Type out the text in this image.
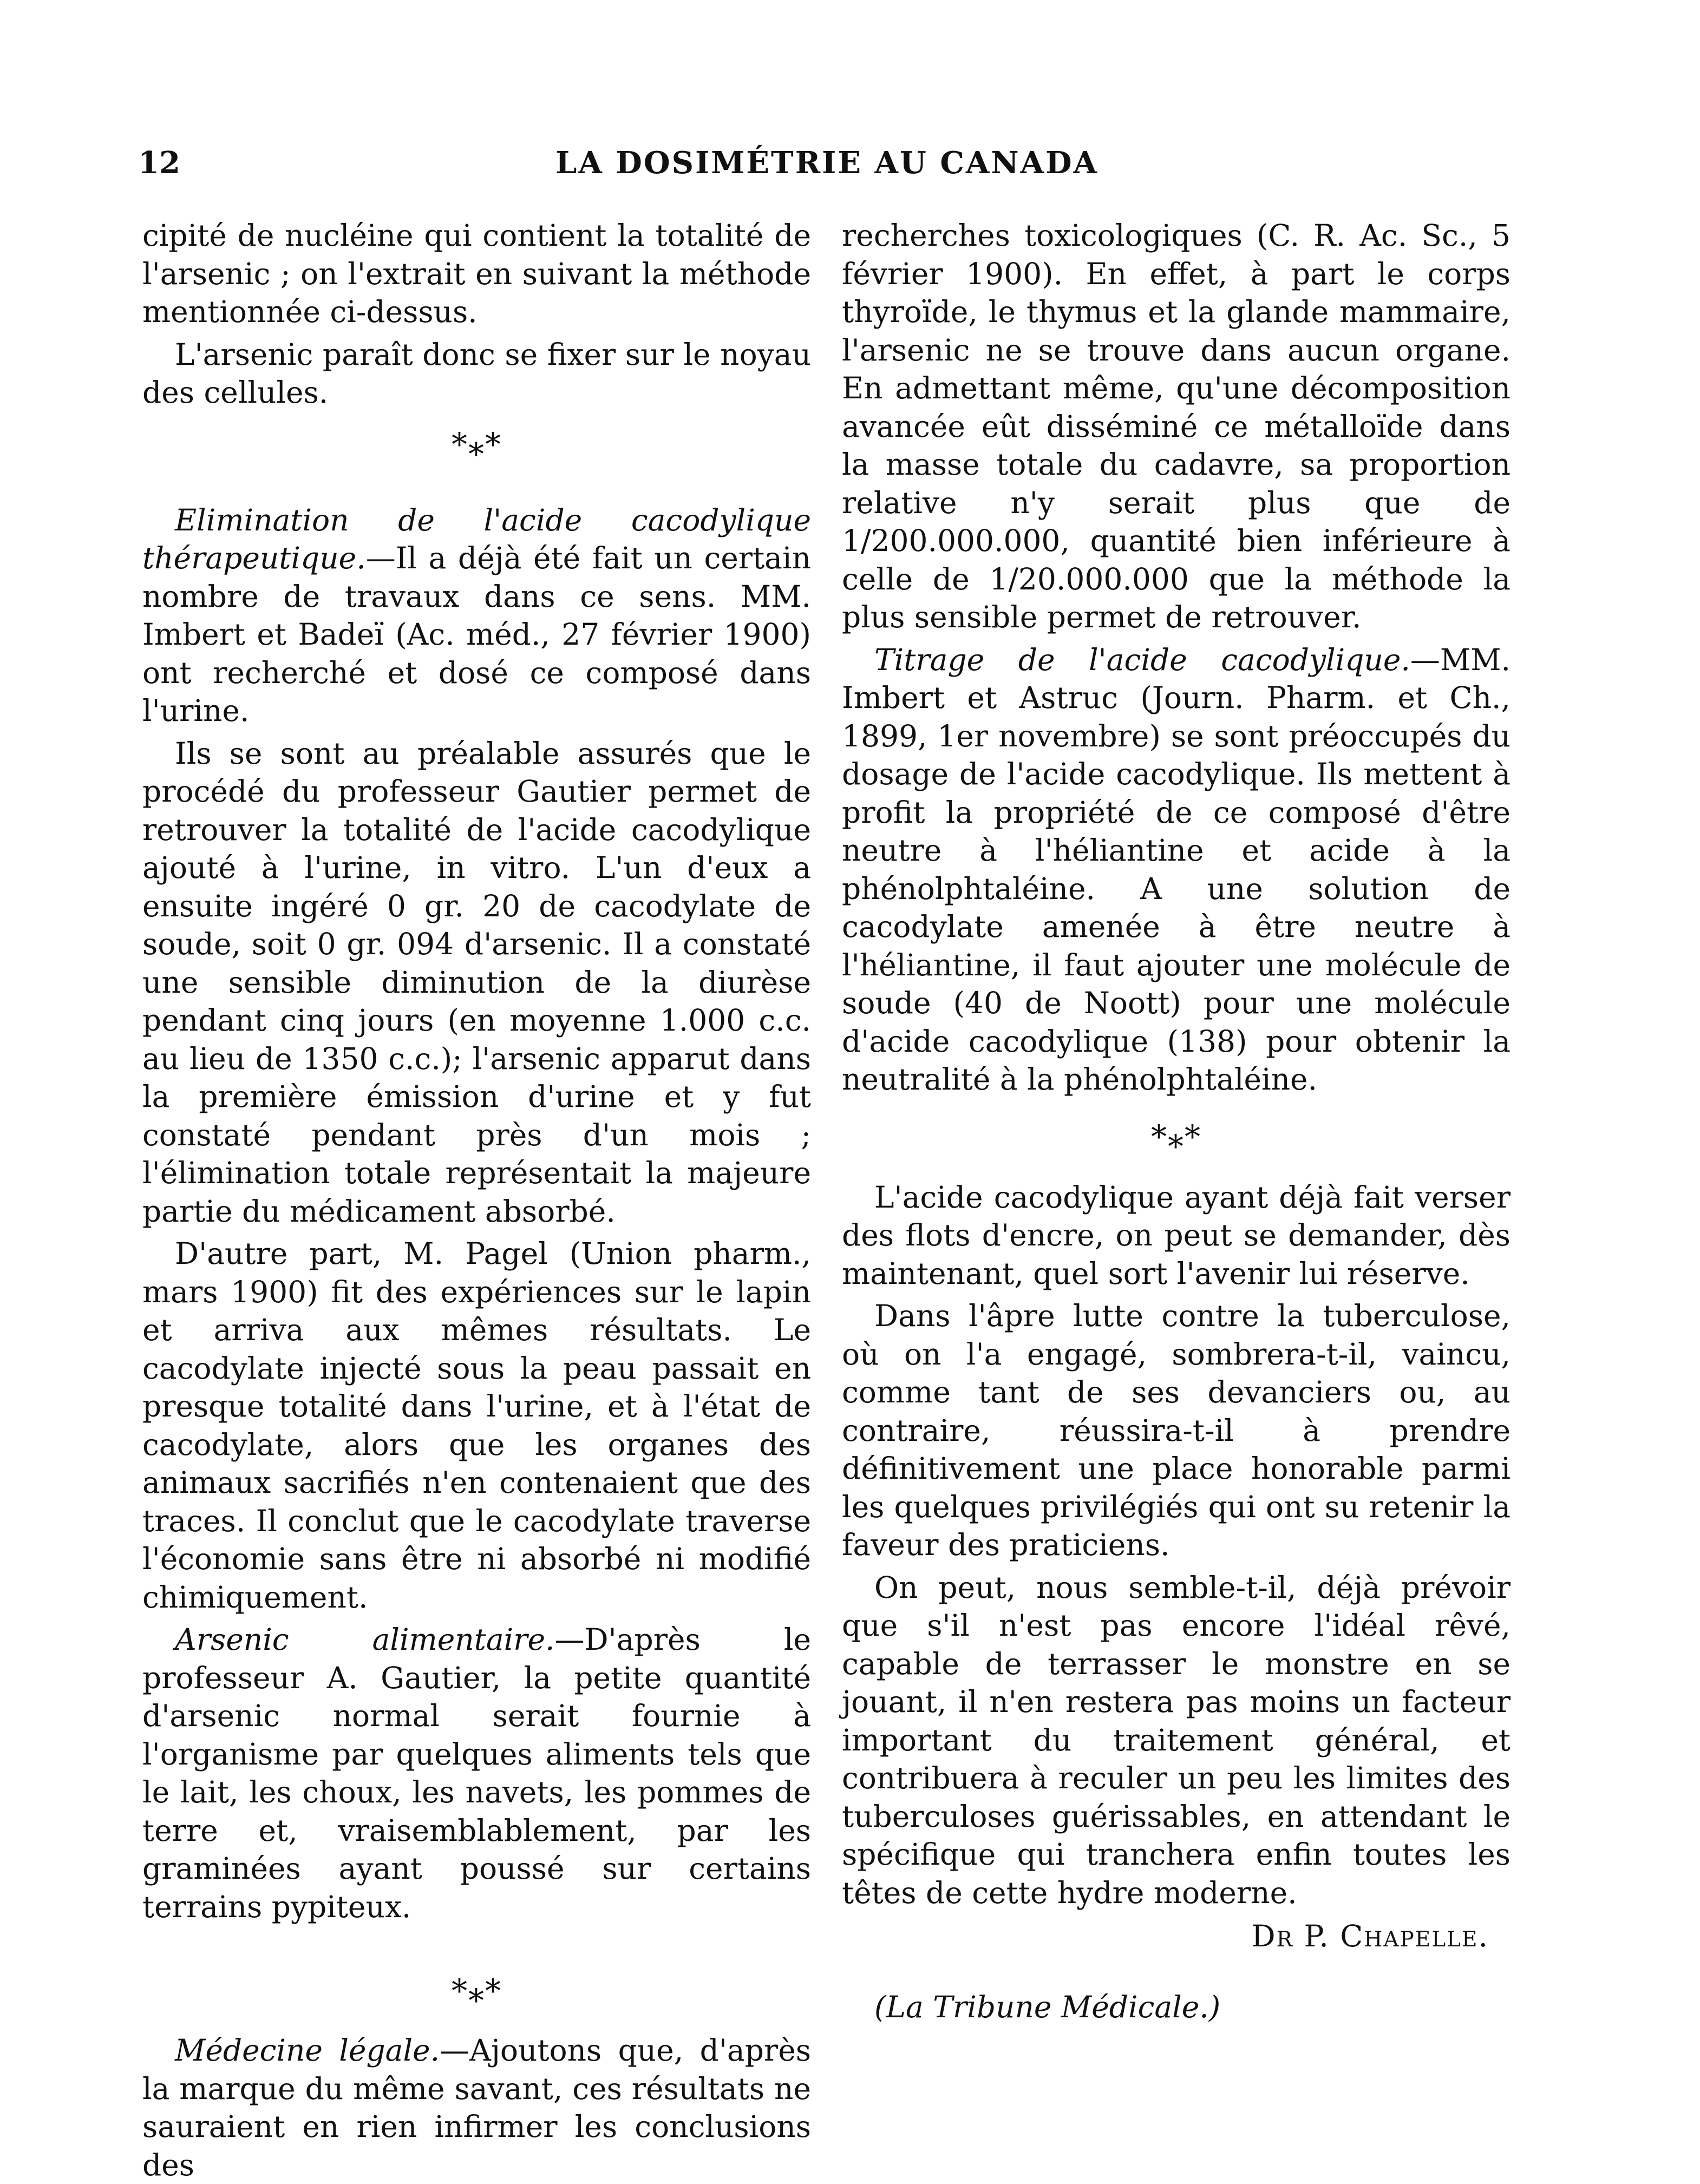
12	LA DOSIMÉTRIE AU CANADA

cipité de nucléine qui contient la totalité de l'arsenic ; on l'extrait en suivant la méthode mentionnée ci-dessus.

L'arsenic paraît donc se fixer sur le noyau des cellules.

*⁎*

Elimination de l'acide cacodylique thérapeutique.—Il a déjà été fait un certain nombre de travaux dans ce sens. MM. Imbert et Badeï (Ac. méd., 27 février 1900) ont recherché et dosé ce composé dans l'urine.

Ils se sont au préalable assurés que le procédé du professeur Gautier permet de retrouver la totalité de l'acide cacodylique ajouté à l'urine, in vitro. L'un d'eux a ensuite ingéré 0 gr. 20 de cacodylate de soude, soit 0 gr. 094 d'arsenic. Il a constaté une sensible diminution de la diurèse pendant cinq jours (en moyenne 1.000 c.c. au lieu de 1350 c.c.); l'arsenic apparut dans la première émission d'urine et y fut constaté pendant près d'un mois ; l'élimination totale représentait la majeure partie du médicament absorbé.

D'autre part, M. Pagel (Union pharm., mars 1900) fit des expériences sur le lapin et arriva aux mêmes résultats. Le cacodylate injecté sous la peau passait en presque totalité dans l'urine, et à l'état de cacodylate, alors que les organes des animaux sacrifiés n'en contenaient que des traces. Il conclut que le cacodylate traverse l'économie sans être ni absorbé ni modifié chimiquement.

Arsenic alimentaire.—D'après le professeur A. Gautier, la petite quantité d'arsenic normal serait fournie à l'organisme par quelques aliments tels que le lait, les choux, les navets, les pommes de terre et, vraisemblablement, par les graminées ayant poussé sur certains terrains pypiteux.

*⁎*

Médecine légale.—Ajoutons que, d'après la marque du même savant, ces résultats ne sauraient en rien infirmer les conclusions des

recherches toxicologiques (C. R. Ac. Sc., 5 février 1900). En effet, à part le corps thyroïde, le thymus et la glande mammaire, l'arsenic ne se trouve dans aucun organe. En admettant même, qu'une décomposition avancée eût disséminé ce métalloïde dans la masse totale du cadavre, sa proportion relative n'y serait plus que de 1/200.000.000, quantité bien inférieure à celle de 1/20.000.000 que la méthode la plus sensible permet de retrouver.

Titrage de l'acide cacodylique.—MM. Imbert et Astruc (Journ. Pharm. et Ch., 1899, 1er novembre) se sont préoccupés du dosage de l'acide cacodylique. Ils mettent à profit la propriété de ce composé d'être neutre à l'héliantine et acide à la phénolphtaléine. A une solution de cacodylate amenée à être neutre à l'héliantine, il faut ajouter une molécule de soude (40 de Noott) pour une molécule d'acide cacodylique (138) pour obtenir la neutralité à la phénolphtaléine.

*⁎*

L'acide cacodylique ayant déjà fait verser des flots d'encre, on peut se demander, dès maintenant, quel sort l'avenir lui réserve.

Dans l'âpre lutte contre la tuberculose, où on l'a engagé, sombrera-t-il, vaincu, comme tant de ses devanciers ou, au contraire, réussira-t-il à prendre définitivement une place honorable parmi les quelques privilégiés qui ont su retenir la faveur des praticiens.

On peut, nous semble-t-il, déjà prévoir que s'il n'est pas encore l'idéal rêvé, capable de terrasser le monstre en se jouant, il n'en restera pas moins un facteur important du traitement général, et contribuera à reculer un peu les limites des tuberculoses guérissables, en attendant le spécifique qui tranchera enfin toutes les têtes de cette hydre moderne.

Dr P. Chapelle.
(La Tribune Médicale.)
